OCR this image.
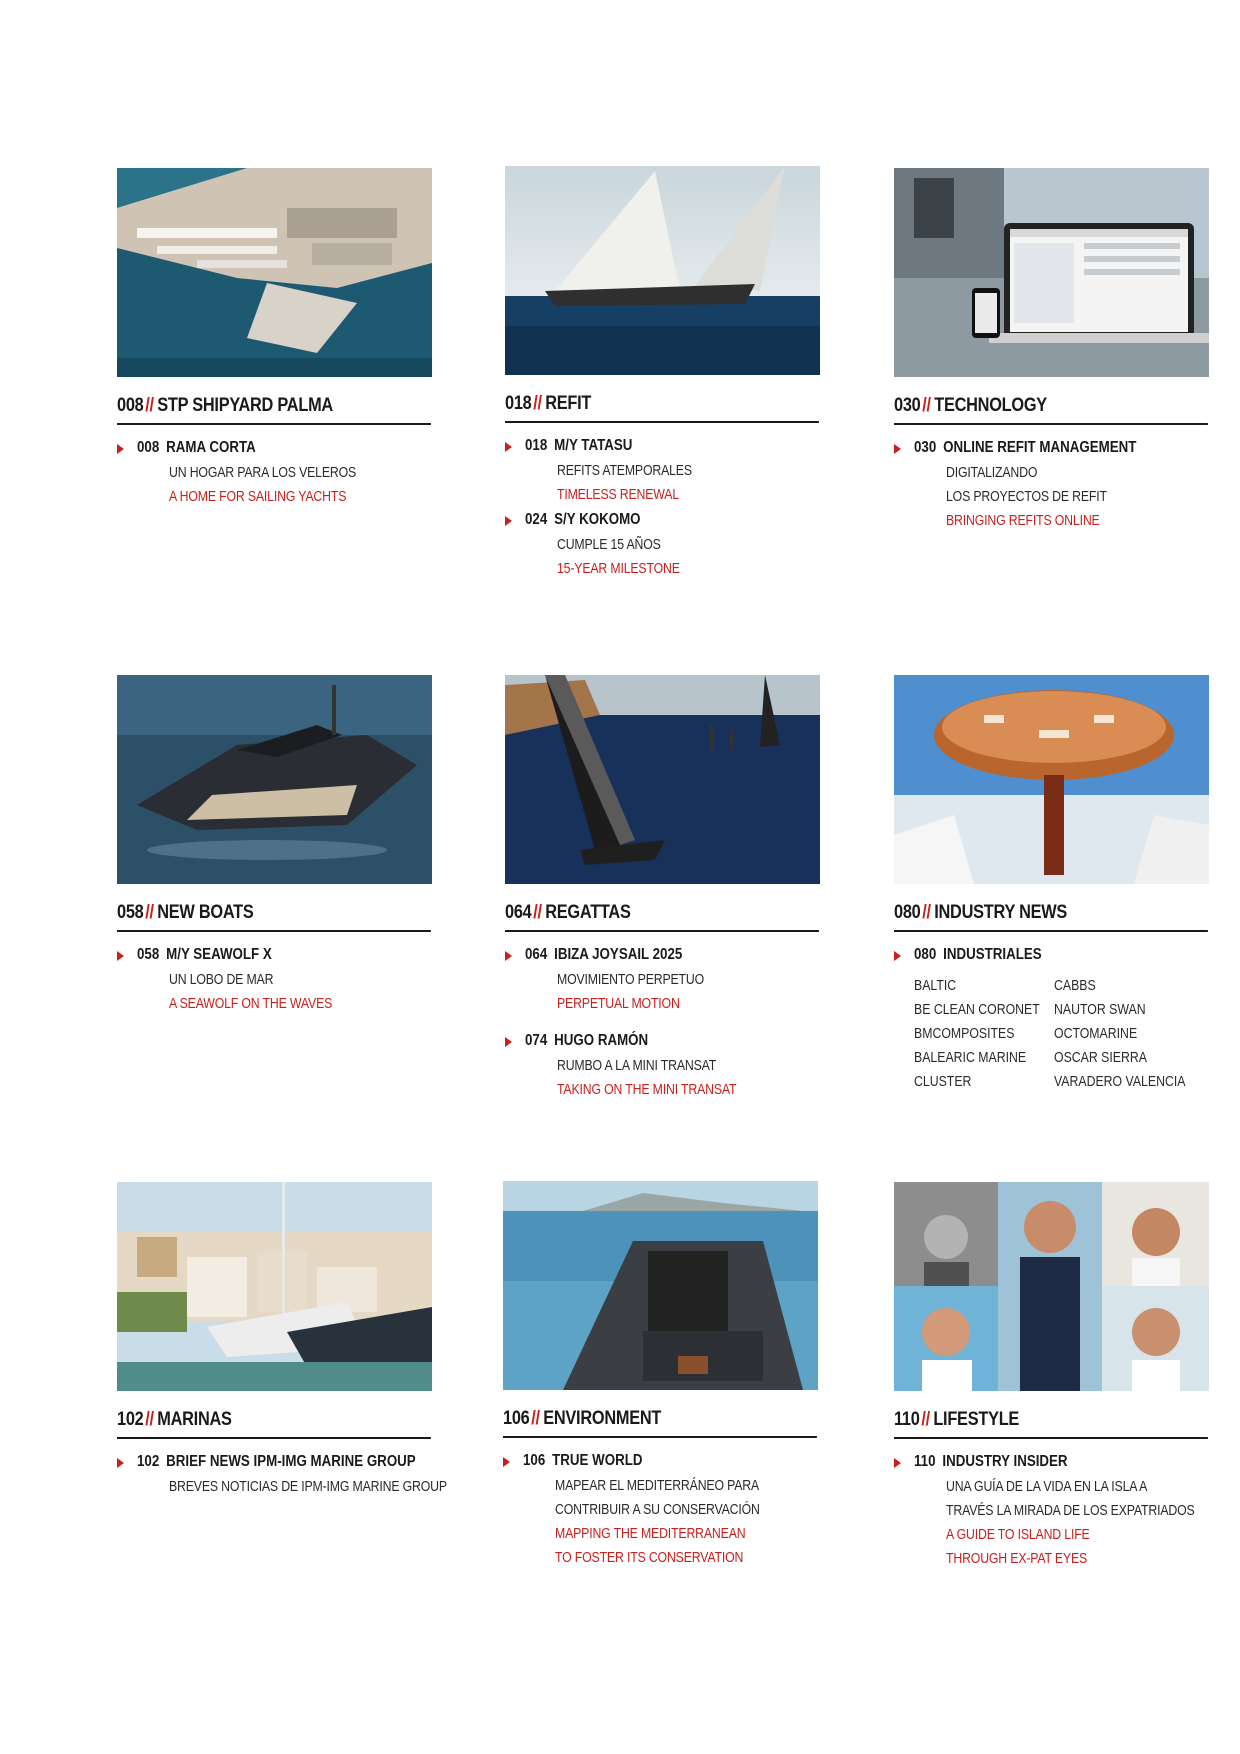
008// STP SHIPYARD PALMA
008 RAMA CORTA
UN HOGAR PARA LOS VELEROS
A HOME FOR SAILING YACHTS
018// REFIT
018 M/Y TATASU
REFITS ATEMPORALES
TIMELESS RENEWAL
024 S/Y KOKOMO
CUMPLE 15 AÑOS
15-YEAR MILESTONE
030// TECHNOLOGY
030 ONLINE REFIT MANAGEMENT
DIGITALIZANDO
LOS PROYECTOS DE REFIT
BRINGING REFITS ONLINE
058// NEW BOATS
058 M/Y SEAWOLF X
UN LOBO DE MAR
A SEAWOLF ON THE WAVES
064// REGATTAS
064 IBIZA JOYSAIL 2025
MOVIMIENTO PERPETUO
PERPETUAL MOTION
074 HUGO RAMÓN
RUMBO A LA MINI TRANSAT
TAKING ON THE MINI TRANSAT
080// INDUSTRY NEWS
080 INDUSTRIALES
BALTIC
BE CLEAN CORONET
BMCOMPOSITES
BALEARIC MARINE
CLUSTER
CABBS
NAUTOR SWAN
OCTOMARINE
OSCAR SIERRA
VARADERO VALENCIA
102// MARINAS
102 BRIEF NEWS IPM-IMG MARINE GROUP
BREVES NOTICIAS DE IPM-IMG MARINE GROUP
106// ENVIRONMENT
106 TRUE WORLD
MAPEAR EL MEDITERRÁNEO PARA
CONTRIBUIR A SU CONSERVACIÓN
MAPPING THE MEDITERRANEAN
TO FOSTER ITS CONSERVATION
110// LIFESTYLE
110 INDUSTRY INSIDER
UNA GUÍA DE LA VIDA EN LA ISLA A
TRAVÉS LA MIRADA DE LOS EXPATRIADOS
A GUIDE TO ISLAND LIFE
THROUGH EX-PAT EYES
